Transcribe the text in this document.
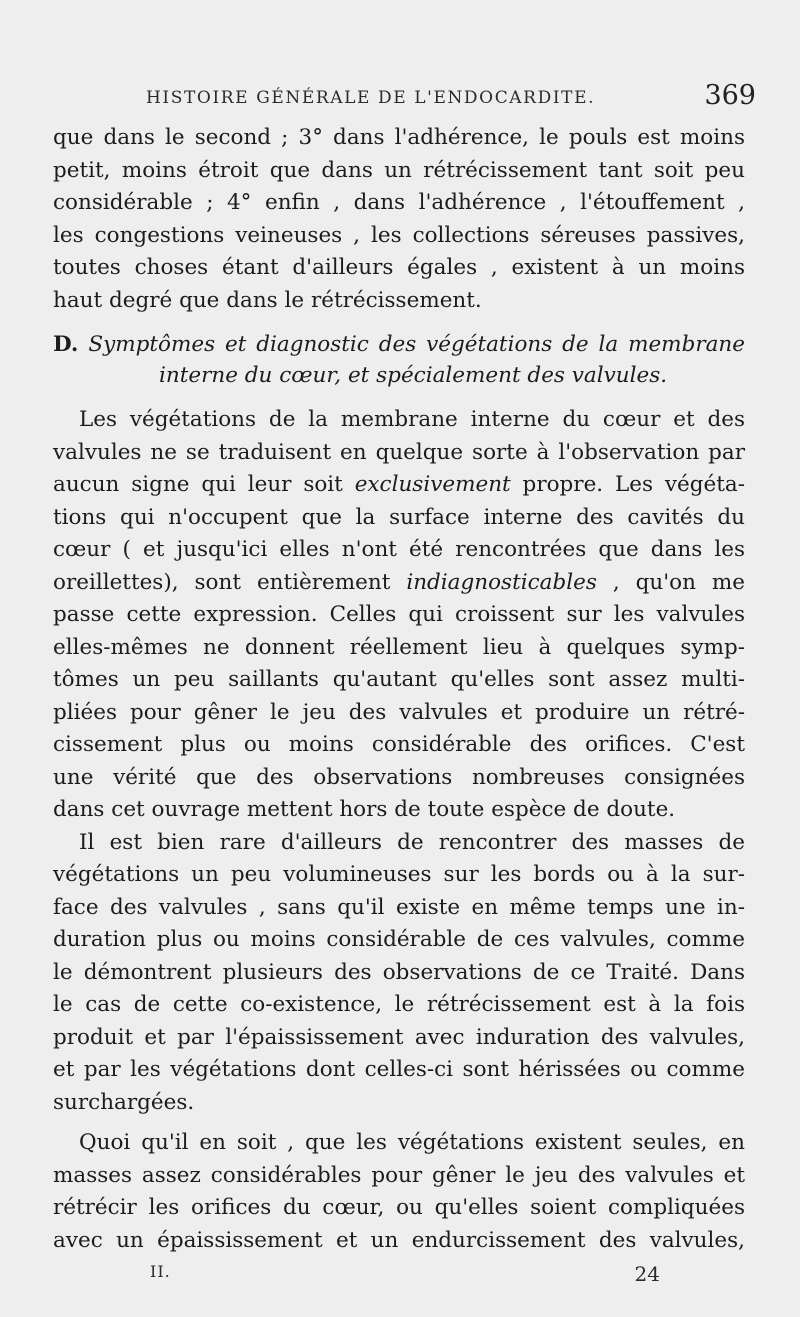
HISTOIRE GÉNÉRALE DE L'ENDOCARDITE.	369
que dans le second ; 3° dans l'adhérence, le pouls est moins
petit, moins étroit que dans un rétrécissement tant soit peu
considérable ; 4° enfin , dans l'adhérence , l'étouffement ,
les congestions veineuses , les collections séreuses passives,
toutes choses étant d'ailleurs égales , existent à un moins
haut degré que dans le rétrécissement.
D. Symptômes et diagnostic des végétations de la membrane
interne du cœur, et spécialement des valvules.
Les végétations de la membrane interne du cœur et des
valvules ne se traduisent en quelque sorte à l'observation par
aucun signe qui leur soit exclusivement propre. Les végéta-
tions qui n'occupent que la surface interne des cavités du
cœur ( et jusqu'ici elles n'ont été rencontrées que dans les
oreillettes), sont entièrement indiagnosticables , qu'on me
passe cette expression. Celles qui croissent sur les valvules
elles-mêmes ne donnent réellement lieu à quelques symp-
tômes un peu saillants qu'autant qu'elles sont assez multi-
pliées pour gêner le jeu des valvules et produire un rétré-
cissement plus ou moins considérable des orifices. C'est
une vérité que des observations nombreuses consignées
dans cet ouvrage mettent hors de toute espèce de doute.
Il est bien rare d'ailleurs de rencontrer des masses de
végétations un peu volumineuses sur les bords ou à la sur-
face des valvules , sans qu'il existe en même temps une in-
duration plus ou moins considérable de ces valvules, comme
le démontrent plusieurs des observations de ce Traité. Dans
le cas de cette co-existence, le rétrécissement est à la fois
produit et par l'épaississement avec induration des valvules,
et par les végétations dont celles-ci sont hérissées ou comme
surchargées.
Quoi qu'il en soit , que les végétations existent seules, en
masses assez considérables pour gêner le jeu des valvules et
rétrécir les orifices du cœur, ou qu'elles soient compliquées
avec un épaississement et un endurcissement des valvules,
II.	24
